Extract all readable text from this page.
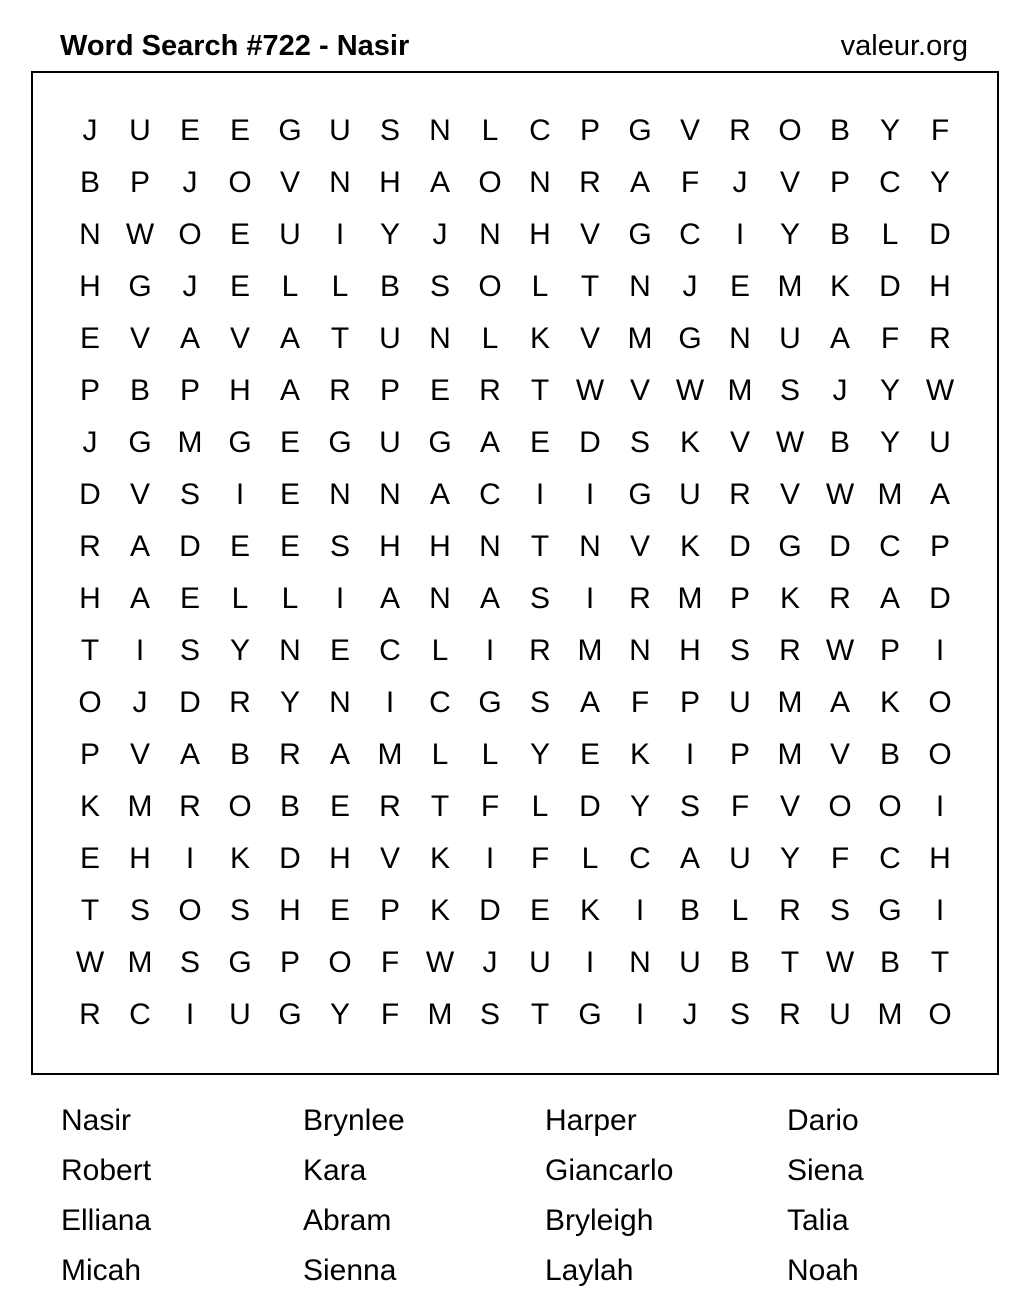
Word Search #722 - Nasir	valeur.org
J	U E E G U S N	L	C P G V R O B Y	F
B P	J	O V N H A O N R A	F	J	V P C Y
N W O E U	I	Y	J	N H V G C	I	Y B	L	D
H G	J	E	L	L	B S O L	T	N	J	E M K D H
E V A V A	T	U N	L	K V M G N U A	F	R
P B P H A R P E R	T W V W M S	J	Y W
J	G M G E G U G A E D S K V W B Y U
D V S	I	E N N A C	I	I	G U R V W M A
R A D E E S H H N	T	N V K D G D C P
H A E	L	L	I	A N A S	I	R M P K R A D
T	I	S Y N E C	L	I	R M N H S R W P	I
O	J	D R Y N	I	C G S A	F	P U M A K O
P V A B R A M L	L	Y E K	I	P M V B O
K M R O B E R	T	F	L	D Y S	F	V O O	I
E H	I	K D H V K	I	F	L	C A U Y	F	C H
T	S O S H E P K D E K	I	B	L	R S G	I
W M S G P O F W J	U	I	N U B	T W B	T
R C	I	U G Y	F M S	T G	I	J	S R U M O
Nasir	Brynlee	Harper	Dario
Robert	Kara	Giancarlo	Siena
Elliana	Abram	Bryleigh	Talia
Micah	Sienna	Laylah	Noah
